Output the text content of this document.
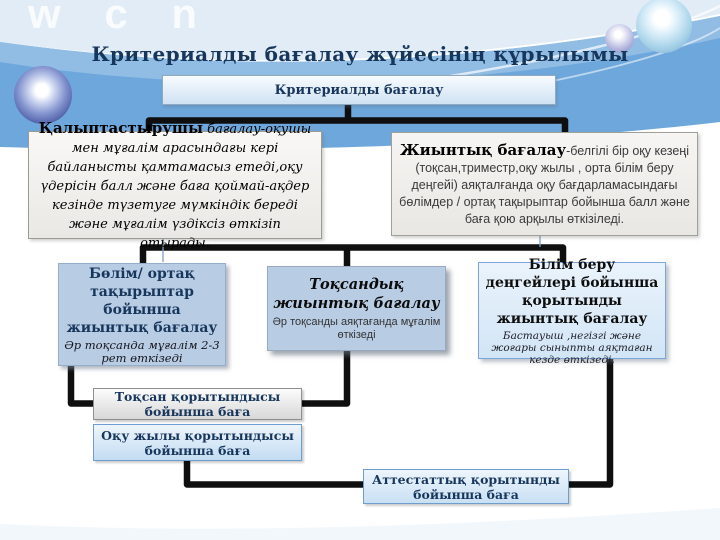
w c n
Критериалды бағалау жүйесінің құрылымы
Критериалды бағалау

Қалыптастырушы бағалау-оқушы мен мұғалім арасындағы кері байланысты қамтамасыз етеді,оқу үдерісін балл және баға қоймай-ақдер кезінде түзетуге мүмкіндік береді және мұғалім үздіксіз өткізіп отырады.

Жиынтық бағалау-белгілі бір оқу кезеңі (тоқсан,триместр,оқу жылы , орта білім беру деңгейі) аяқталғанда оқу бағдарламасындағы бөлімдер / ортақ тақырыптар бойынша балл және баға қою арқылы өткізіледі.

Бөлім/ ортақ тақырыптар бойынша жиынтық бағалау
Әр тоқсанда мұғалім 2-3 рет өткізеді
Тоқсандық жиынтық бағалау
Әр тоқсанды аяқтағанда мұғалім өткізеді
Білім беру деңгейлері бойынша қорытынды жиынтық бағалау
Бастауыш ,негізгі және жоғары сыныпты аяқтаған кезде өткізеді.
Тоқсан қорытындысы бойынша баға
Оқу жылы қорытындысы бойынша баға
Аттестаттық қорытынды бойынша баға
